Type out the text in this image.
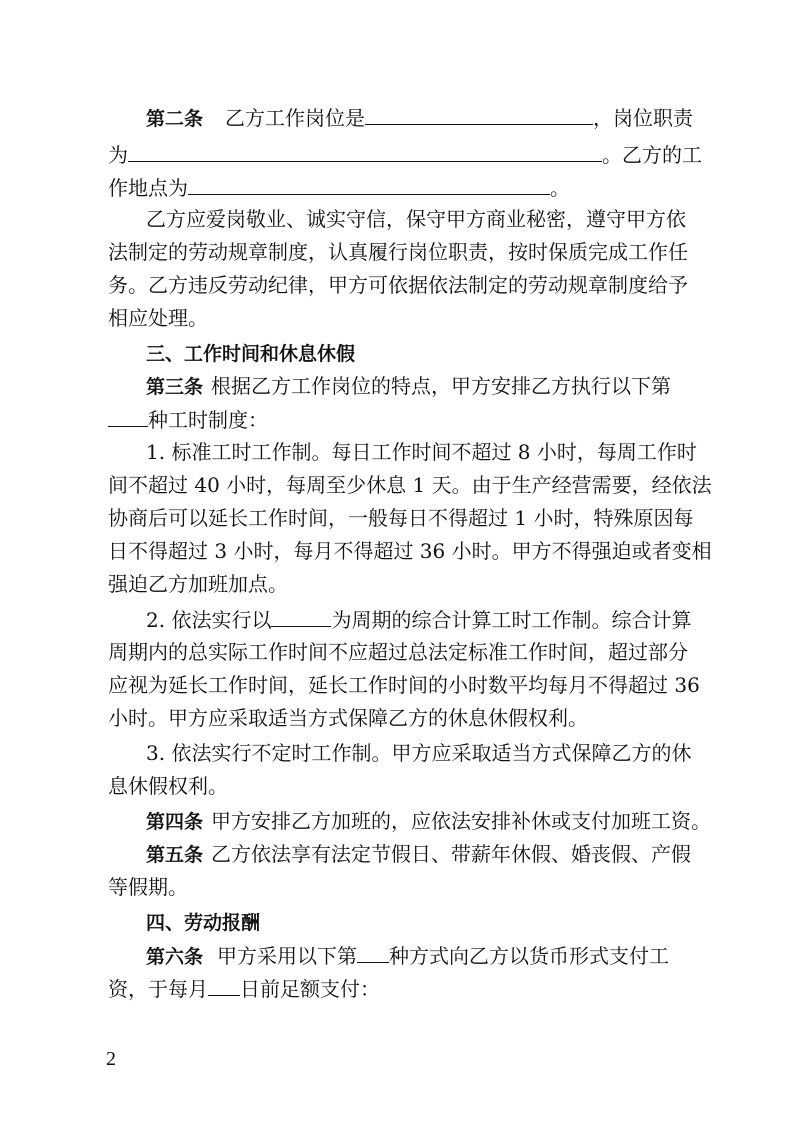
第二条 乙方工作岗位是	，岗位职责
为	。乙方的工
作地点为	。
乙方应爱岗敬业、诚实守信，保守甲方商业秘密，遵守甲方依
法制定的劳动规章制度，认真履行岗位职责，按时保质完成工作任
务。乙方违反劳动纪律，甲方可依据依法制定的劳动规章制度给予
相应处理。
三、工作时间和休息休假
第三条 根据乙方工作岗位的特点，甲方安排乙方执行以下第
种工时制度：
1. 标准工时工作制。每日工作时间不超过 8 小时，每周工作时
间不超过 40 小时，每周至少休息 1 天。由于生产经营需要，经依法
协商后可以延长工作时间，一般每日不得超过 1 小时，特殊原因每
日不得超过 3 小时，每月不得超过 36 小时。甲方不得强迫或者变相
强迫乙方加班加点。
2. 依法实行以	为周期的综合计算工时工作制。综合计算
周期内的总实际工作时间不应超过总法定标准工作时间，超过部分
应视为延长工作时间，延长工作时间的小时数平均每月不得超过 36
小时。甲方应采取适当方式保障乙方的休息休假权利。
3. 依法实行不定时工作制。甲方应采取适当方式保障乙方的休
息休假权利。
第四条 甲方安排乙方加班的，应依法安排补休或支付加班工资。
第五条 乙方依法享有法定节假日、带薪年休假、婚丧假、产假
等假期。
四、劳动报酬
第六条 甲方采用以下第 种方式向乙方以货币形式支付工
资，于每月 日前足额支付：
2
